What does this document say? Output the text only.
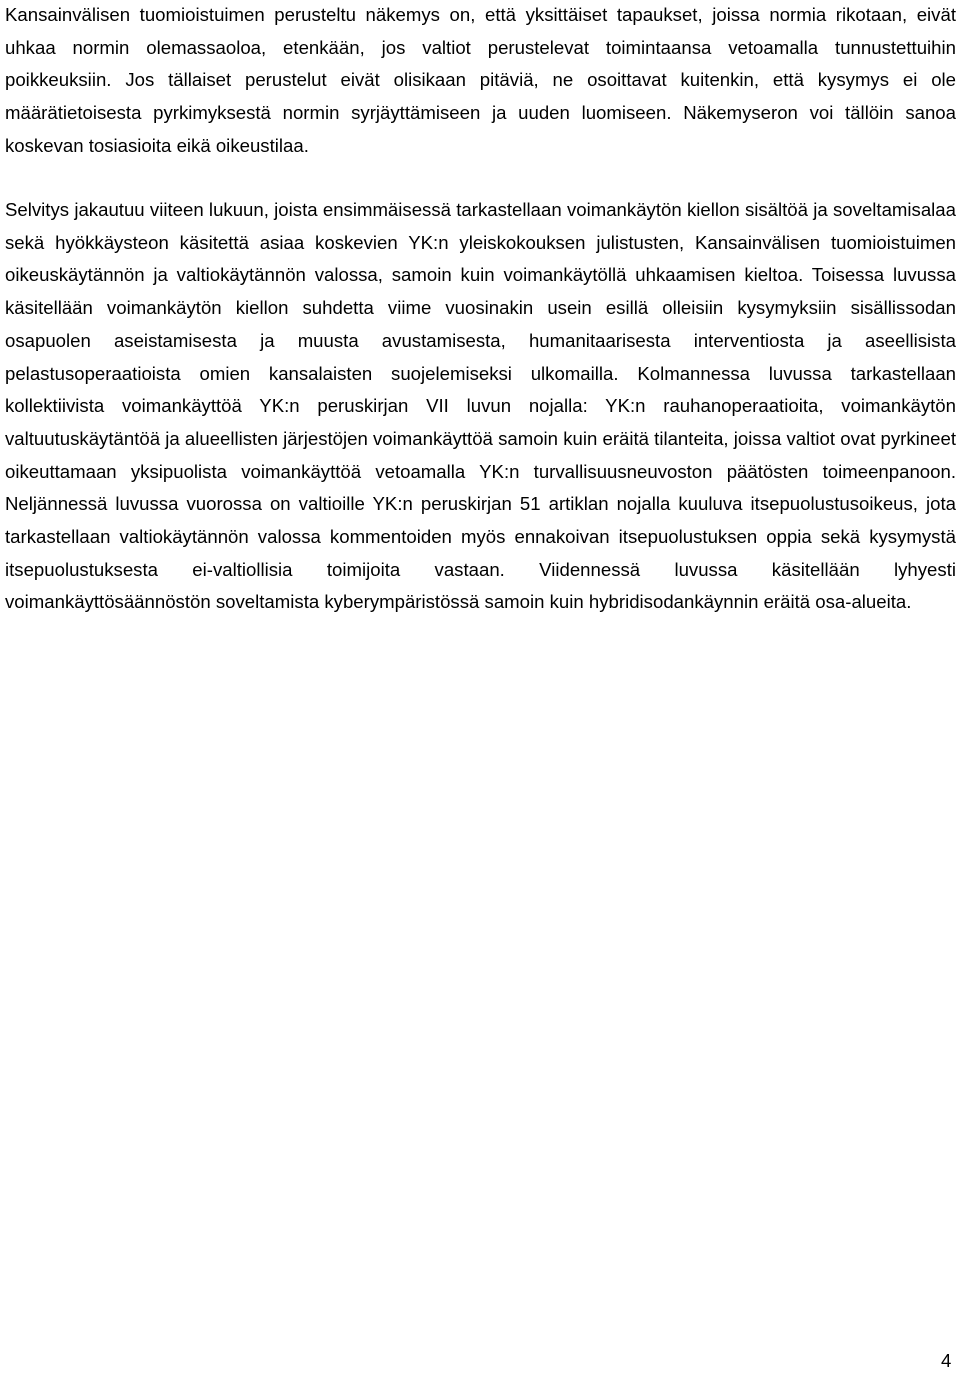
Kansainvälisen tuomioistuimen perusteltu näkemys on, että yksittäiset tapaukset, joissa normia rikotaan, eivät uhkaa normin olemassaoloa, etenkään, jos valtiot perustelevat toimintaansa vetoamalla tunnustettuihin poikkeuksiin. Jos tällaiset perustelut eivät olisikaan pitäviä, ne osoittavat kuitenkin, että kysymys ei ole määrätietoisesta pyrkimyksestä normin syrjäyttämiseen ja uuden luomiseen. Näkemyseron voi tällöin sanoa koskevan tosiasioita eikä oikeustilaa.

Selvitys jakautuu viiteen lukuun, joista ensimmäisessä tarkastellaan voimankäytön kiellon sisältöä ja soveltamisalaa sekä hyökkäysteon käsitettä asiaa koskevien YK:n yleiskokouksen julistusten, Kansainvälisen tuomioistuimen oikeuskäytännön ja valtiokäytännön valossa, samoin kuin voimankäytöllä uhkaamisen kieltoa. Toisessa luvussa käsitellään voimankäytön kiellon suhdetta viime vuosinakin usein esillä olleisiin kysymyksiin sisällissodan osapuolen aseistamisesta ja muusta avustamisesta, humanitaarisesta interventiosta ja aseellisista pelastusoperaatioista omien kansalaisten suojelemiseksi ulkomailla. Kolmannessa luvussa tarkastellaan kollektiivista voimankäyttöä YK:n peruskirjan VII luvun nojalla: YK:n rauhanoperaatioita, voimankäytön valtuutuskäytäntöä ja alueellisten järjestöjen voimankäyttöä samoin kuin eräitä tilanteita, joissa valtiot ovat pyrkineet oikeuttamaan yksipuolista voimankäyttöä vetoamalla YK:n turvallisuusneuvoston päätösten toimeenpanoon. Neljännessä luvussa vuorossa on valtioille YK:n peruskirjan 51 artiklan nojalla kuuluva itsepuolustusoikeus, jota tarkastellaan valtiokäytännön valossa kommentoiden myös ennakoivan itsepuolustuksen oppia sekä kysymystä itsepuolustuksesta ei-valtiollisia toimijoita vastaan. Viidennessä luvussa käsitellään lyhyesti voimankäyttösäännöstön soveltamista kyberympäristössä samoin kuin hybridisodankäynnin eräitä osa-alueita.

4
